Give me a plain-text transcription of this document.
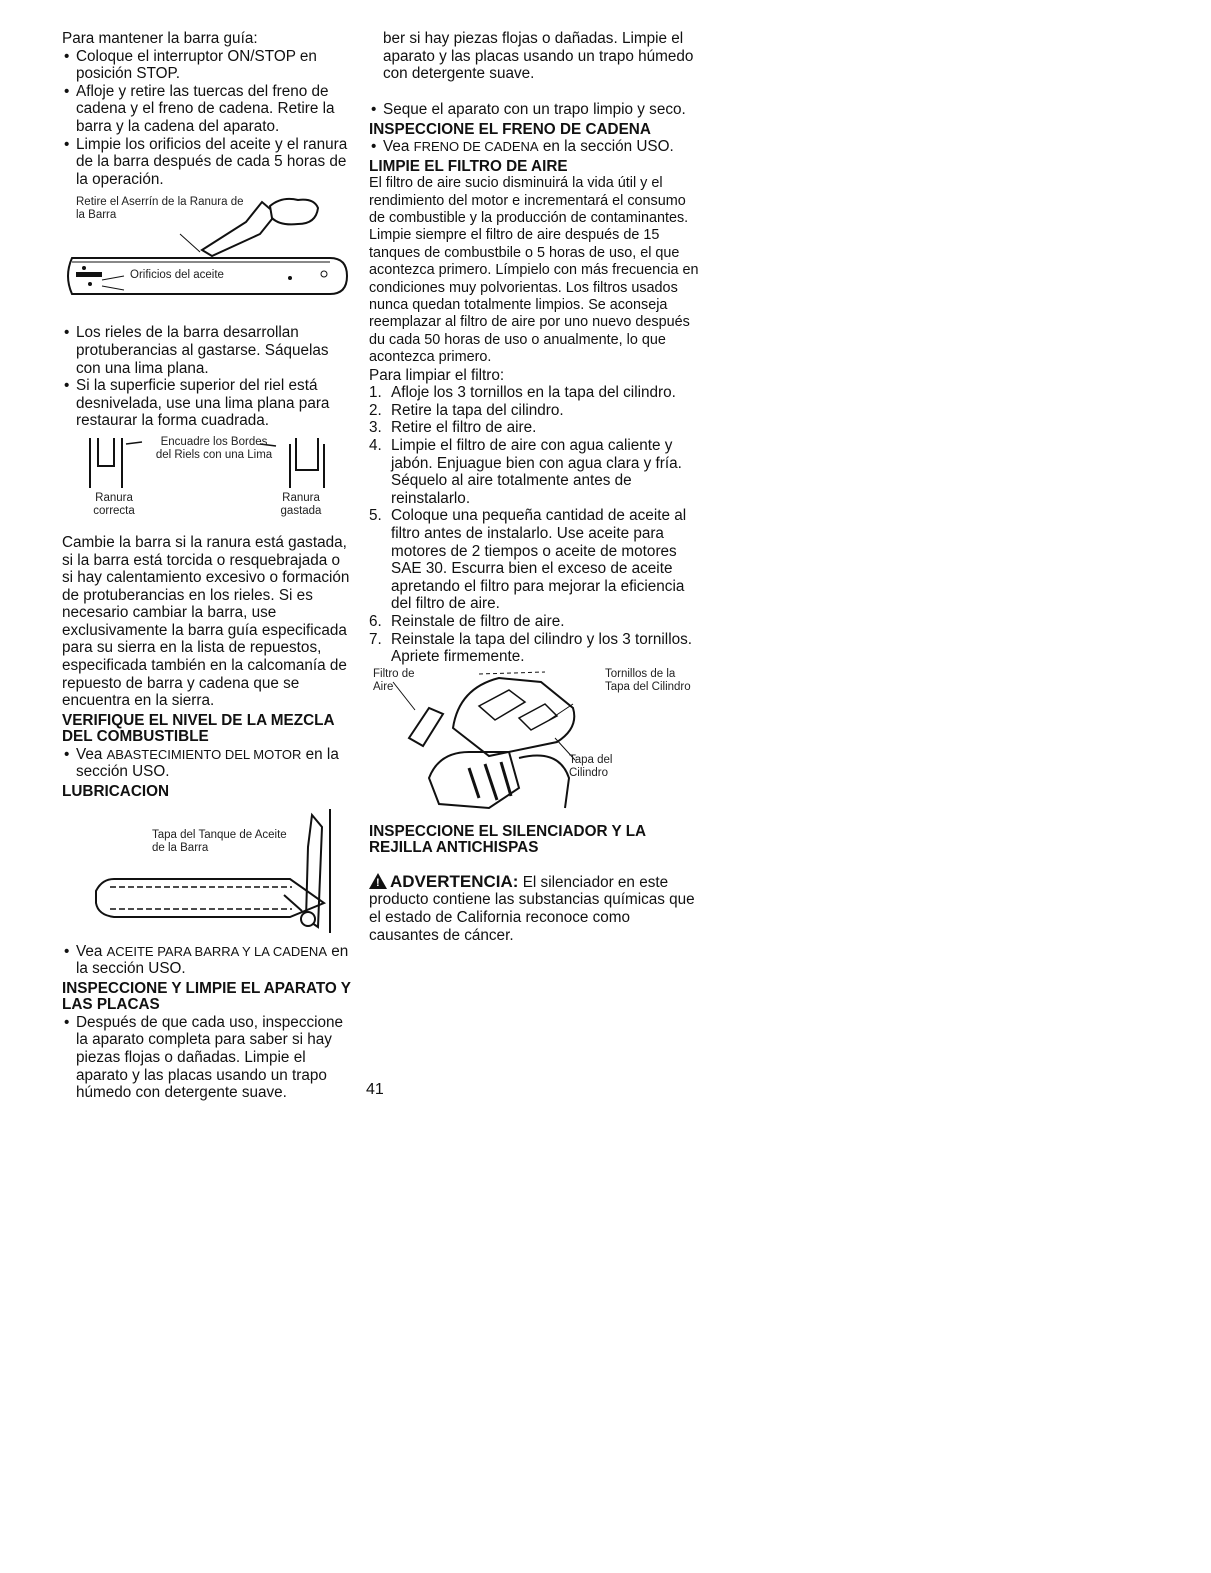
Para mantener la barra guía:

• Coloque el interruptor ON/STOP en posición STOP.

• Afloje y retire las tuercas del freno de cadena y el freno de cadena. Retire la barra y la cadena del aparato.

• Limpie los orificios del aceite y el ranura de la barra después de cada 5 horas de la operación.

Retire el Aserrín de la Ranura de la Barra
Orificios del aceite

• Los rieles de la barra desarrollan protuberancias al gastarse. Sáquelas con una lima plana.

• Si la superficie superior del riel está desnivelada, use una lima plana para restaurar la forma cuadrada.

Encuadre los Bordes del Riels con una Lima
Ranura correcta
Ranura gastada

Cambie la barra si la ranura está gastada, si la barra está torcida o resquebrajada o si hay calentamiento excesivo o formación de protuberancias en los rieles. Si es necesario cambiar la barra, use exclusivamente la barra guía especificada para su sierra en la lista de repuestos, especificada también en la calcomanía de repuesto de barra y cadena que se encuentra en la sierra.

VERIFIQUE EL NIVEL DE LA MEZCLA DEL COMBUSTIBLE

• Vea ABASTECIMIENTO DEL MOTOR en la sección USO.

LUBRICACION

Tapa del Tanque de Aceite de la Barra

• Vea ACEITE PARA BARRA Y LA CADENA en la sección USO.

INSPECCIONE Y LIMPIE EL APARATO Y LAS PLACAS

• Después de que cada uso, inspeccione la aparato completa para saber si hay piezas flojas o dañadas. Limpie el aparato y las placas usando un trapo húmedo con detergente suave.

ber si hay piezas flojas o dañadas. Limpie el aparato y las placas usando un trapo húmedo con detergente suave.

• Seque el aparato con un trapo limpio y seco.

INSPECCIONE EL FRENO DE CADENA

• Vea FRENO DE CADENA en la sección USO.

LIMPIE EL FILTRO DE AIRE

El filtro de aire sucio disminuirá la vida útil y el rendimiento del motor e incrementará el consumo de combustible y la producción de contaminantes. Limpie siempre el filtro de aire después de 15 tanques de combustbile o 5 horas de uso, el que acontezca primero. Límpielo con más frecuencia en condiciones muy polvorientas. Los filtros usados nunca quedan totalmente limpios. Se aconseja reemplazar al filtro de aire por uno nuevo después du cada 50 horas de uso o anualmente, lo que acontezca primero.

Para limpiar el filtro:

1. Afloje los 3 tornillos en la tapa del cilindro.

2. Retire la tapa del cilindro.

3. Retire el filtro de aire.

4. Limpie el filtro de aire con agua caliente y jabón. Enjuague bien con agua clara y fría. Séquelo al aire totalmente antes de reinstalarlo.

5. Coloque una pequeña cantidad de aceite al filtro antes de instalarlo. Use aceite para motores de 2 tiempos o aceite de motores SAE 30. Escurra bien el exceso de aceite apretando el filtro para mejorar la eficiencia del filtro de aire.

6. Reinstale de filtro de aire.

7. Reinstale la tapa del cilindro y los 3 tornillos. Apriete firmemente.

Filtro de Aire
Tornillos de la Tapa del Cilindro
Tapa del Cilindro

INSPECCIONE EL SILENCIADOR Y LA REJILLA ANTICHISPAS

!ADVERTENCIA: El silenciador en este producto contiene las substancias químicas que el estado de California reconoce como causantes de cáncer.

41
